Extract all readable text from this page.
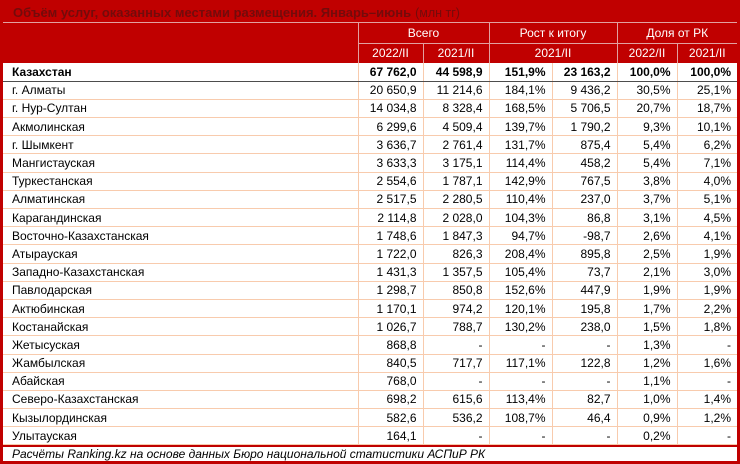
Объём услуг, оказанных местами размещения. Январь–июнь (млн тг)
	Всего		Рост к итогу		Доля от РК	
	2022/II	2021/II	2021/II		2022/II	2021/II
Казахстан	67 762,0	44 598,9	151,9%	23 163,2	100,0%	100,0%
г. Алматы	20 650,9	11 214,6	184,1%	9 436,2	30,5%	25,1%
г. Нур-Султан	14 034,8	8 328,4	168,5%	5 706,5	20,7%	18,7%
Акмолинская	6 299,6	4 509,4	139,7%	1 790,2	9,3%	10,1%
г. Шымкент	3 636,7	2 761,4	131,7%	875,4	5,4%	6,2%
Мангистауская	3 633,3	3 175,1	114,4%	458,2	5,4%	7,1%
Туркестанская	2 554,6	1 787,1	142,9%	767,5	3,8%	4,0%
Алматинская	2 517,5	2 280,5	110,4%	237,0	3,7%	5,1%
Карагандинская	2 114,8	2 028,0	104,3%	86,8	3,1%	4,5%
Восточно-Казахстанская	1 748,6	1 847,3	94,7%	-98,7	2,6%	4,1%
Атырауская	1 722,0	826,3	208,4%	895,8	2,5%	1,9%
Западно-Казахстанская	1 431,3	1 357,5	105,4%	73,7	2,1%	3,0%
Павлодарская	1 298,7	850,8	152,6%	447,9	1,9%	1,9%
Актюбинская	1 170,1	974,2	120,1%	195,8	1,7%	2,2%
Костанайская	1 026,7	788,7	130,2%	238,0	1,5%	1,8%
Жетысуская	868,8	-	-	-	1,3%	-
Жамбылская	840,5	717,7	117,1%	122,8	1,2%	1,6%
Абайская	768,0	-	-	-	1,1%	-
Северо-Казахстанская	698,2	615,6	113,4%	82,7	1,0%	1,4%
Кызылординская	582,6	536,2	108,7%	46,4	0,9%	1,2%
Улытауская	164,1	-	-	-	0,2%	-
Расчёты Ranking.kz на основе данных Бюро национальной статистики АСПиР РК
